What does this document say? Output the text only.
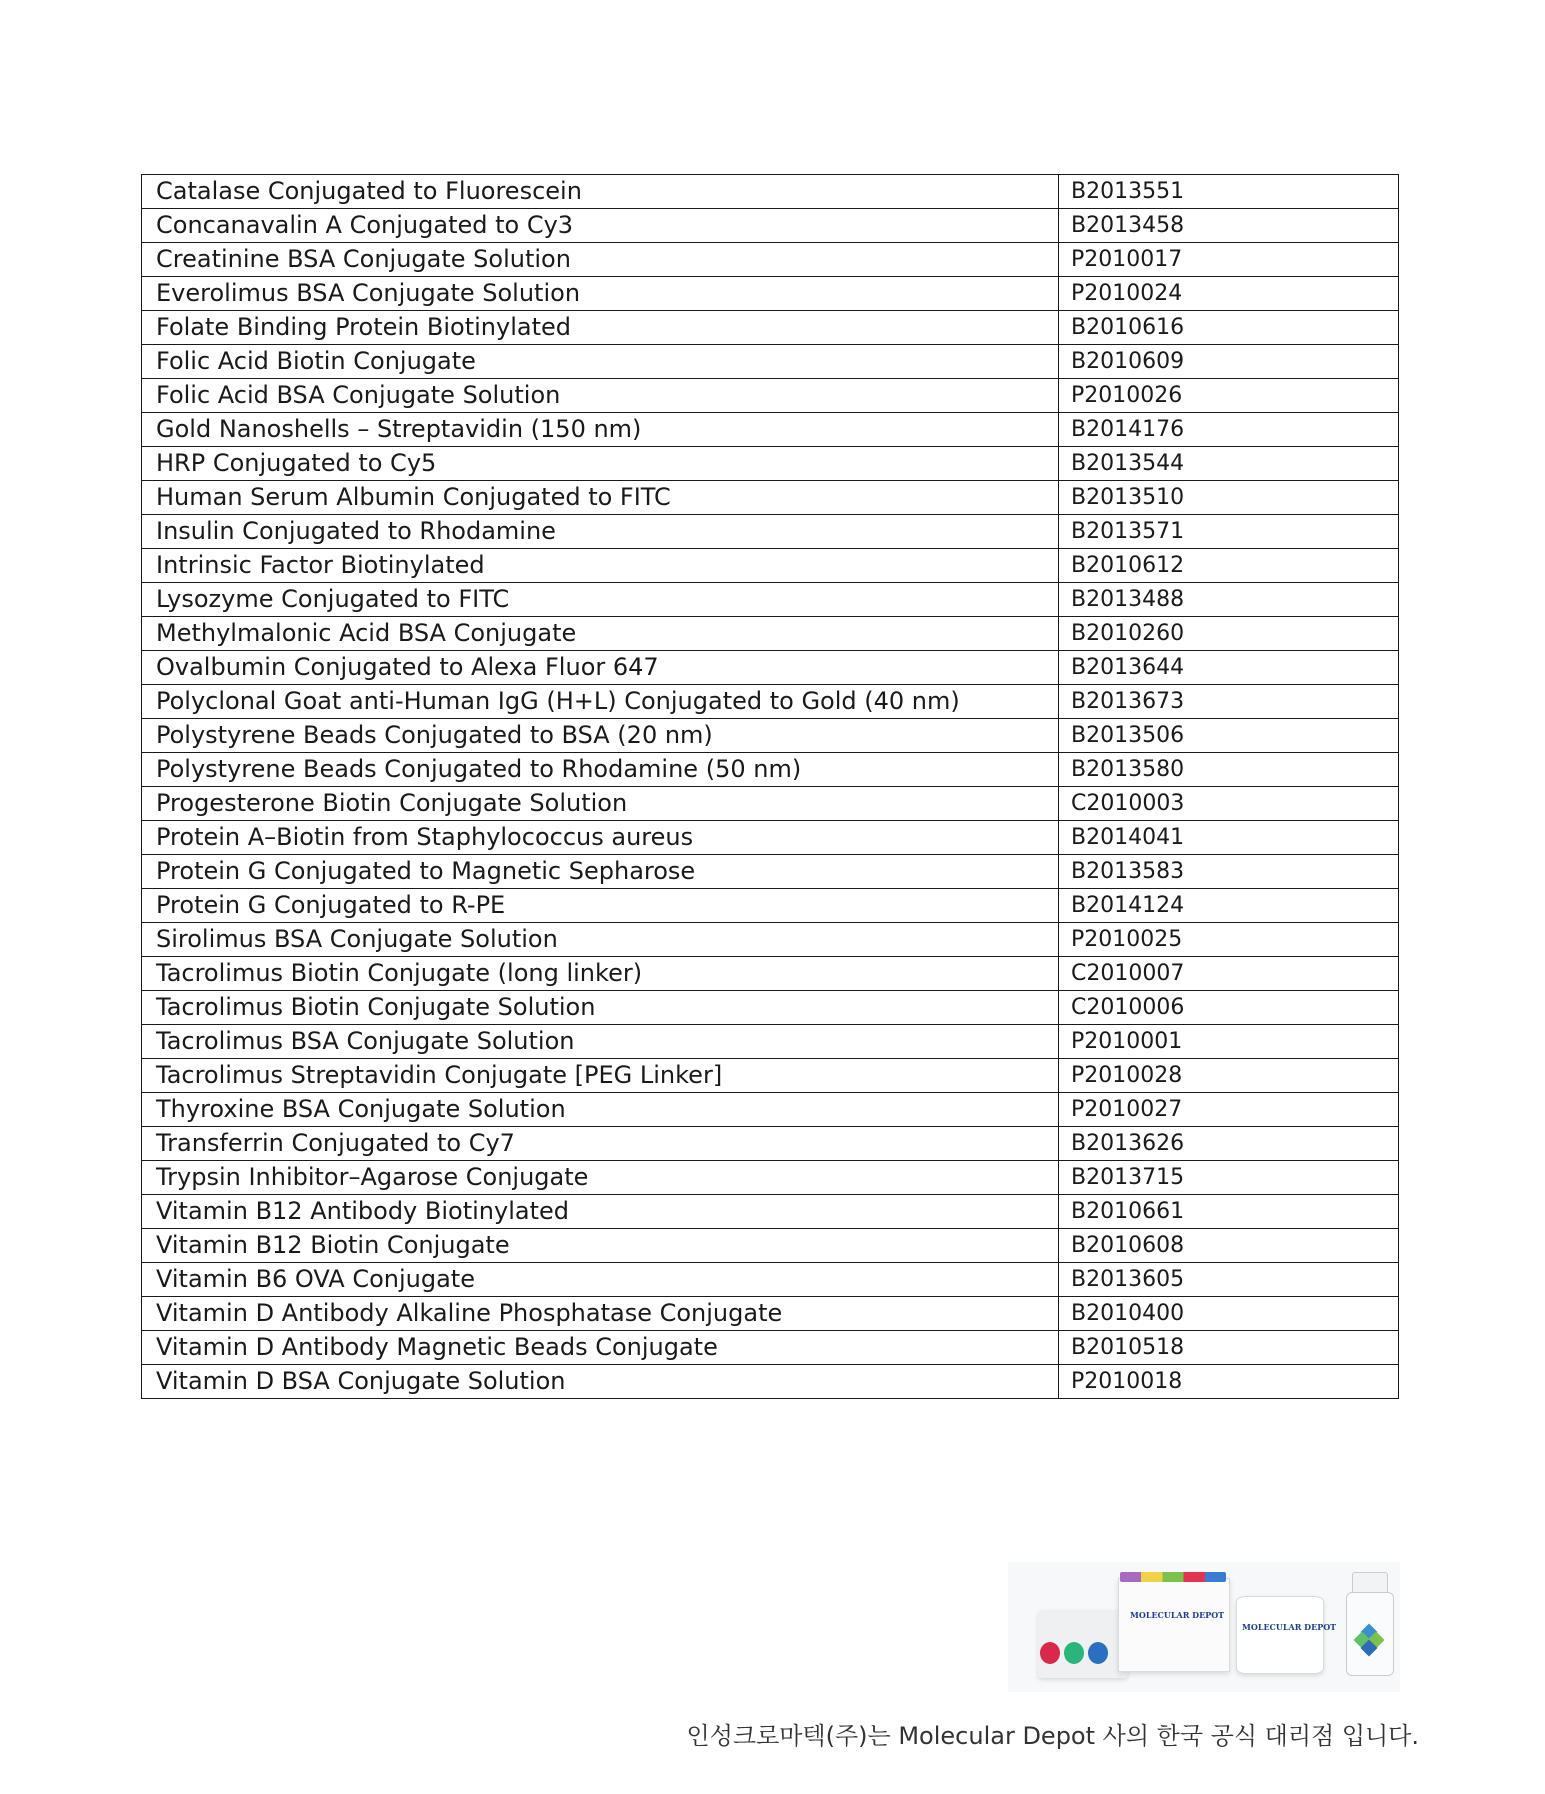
Catalase Conjugated to Fluorescein	B2013551
Concanavalin A Conjugated to Cy3	B2013458
Creatinine BSA Conjugate Solution	P2010017
Everolimus BSA Conjugate Solution	P2010024
Folate Binding Protein Biotinylated	B2010616
Folic Acid Biotin Conjugate	B2010609
Folic Acid BSA Conjugate Solution	P2010026
Gold Nanoshells – Streptavidin (150 nm)	B2014176
HRP Conjugated to Cy5	B2013544
Human Serum Albumin Conjugated to FITC	B2013510
Insulin Conjugated to Rhodamine	B2013571
Intrinsic Factor Biotinylated	B2010612
Lysozyme Conjugated to FITC	B2013488
Methylmalonic Acid BSA Conjugate	B2010260
Ovalbumin Conjugated to Alexa Fluor 647	B2013644
Polyclonal Goat anti-Human IgG (H+L) Conjugated to Gold (40 nm)	B2013673
Polystyrene Beads Conjugated to BSA (20 nm)	B2013506
Polystyrene Beads Conjugated to Rhodamine (50 nm)	B2013580
Progesterone Biotin Conjugate Solution	C2010003
Protein A–Biotin from Staphylococcus aureus	B2014041
Protein G Conjugated to Magnetic Sepharose	B2013583
Protein G Conjugated to R-PE	B2014124
Sirolimus BSA Conjugate Solution	P2010025
Tacrolimus Biotin Conjugate (long linker)	C2010007
Tacrolimus Biotin Conjugate Solution	C2010006
Tacrolimus BSA Conjugate Solution	P2010001
Tacrolimus Streptavidin Conjugate [PEG Linker]	P2010028
Thyroxine BSA Conjugate Solution	P2010027
Transferrin Conjugated to Cy7	B2013626
Trypsin Inhibitor–Agarose Conjugate	B2013715
Vitamin B12 Antibody Biotinylated	B2010661
Vitamin B12 Biotin Conjugate	B2010608
Vitamin B6 OVA Conjugate	B2013605
Vitamin D Antibody Alkaline Phosphatase Conjugate	B2010400
Vitamin D Antibody Magnetic Beads Conjugate	B2010518
Vitamin D BSA Conjugate Solution	P2010018
MOLECULAR DEPOT
MOLECULAR DEPOT
인성크로마텍(주)는 Molecular Depot 사의 한국 공식 대리점 입니다.
